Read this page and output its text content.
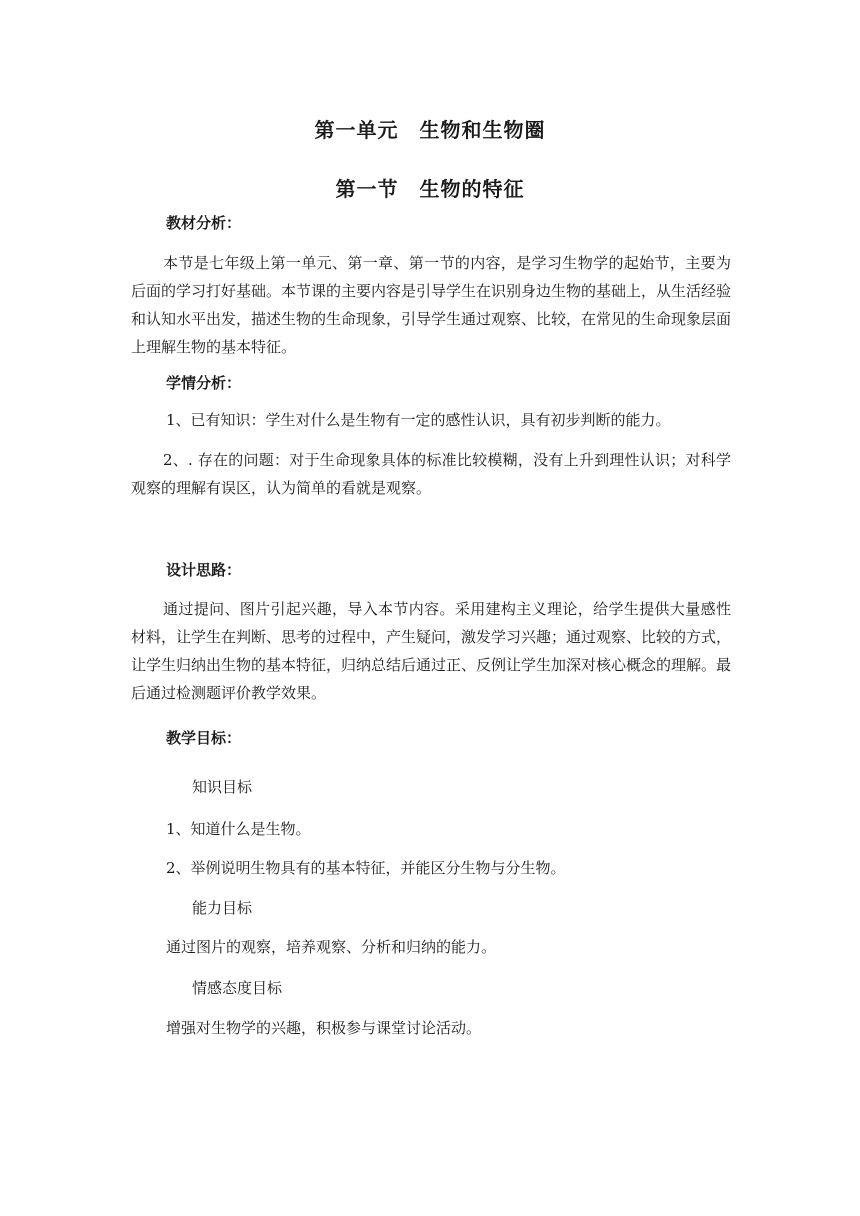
第一单元　生物和生物圈
第一节　生物的特征
教材分析：
本节是七年级上第一单元、第一章、第一节的内容，是学习生物学的起始节，主要为后面的学习打好基础。本节课的主要内容是引导学生在识别身边生物的基础上，从生活经验和认知水平出发，描述生物的生命现象，引导学生通过观察、比较，在常见的生命现象层面上理解生物的基本特征。
学情分析：
1、已有知识：学生对什么是生物有一定的感性认识，具有初步判断的能力。
2、. 存在的问题：对于生命现象具体的标准比较模糊，没有上升到理性认识；对科学观察的理解有误区，认为简单的看就是观察。
设计思路：
通过提问、图片引起兴趣，导入本节内容。采用建构主义理论，给学生提供大量感性材料，让学生在判断、思考的过程中，产生疑问，激发学习兴趣；通过观察、比较的方式，让学生归纳出生物的基本特征，归纳总结后通过正、反例让学生加深对核心概念的理解。最后通过检测题评价教学效果。
教学目标：
知识目标
1、知道什么是生物。
2、举例说明生物具有的基本特征，并能区分生物与分生物。
能力目标
通过图片的观察，培养观察、分析和归纳的能力。
情感态度目标
增强对生物学的兴趣，积极参与课堂讨论活动。
